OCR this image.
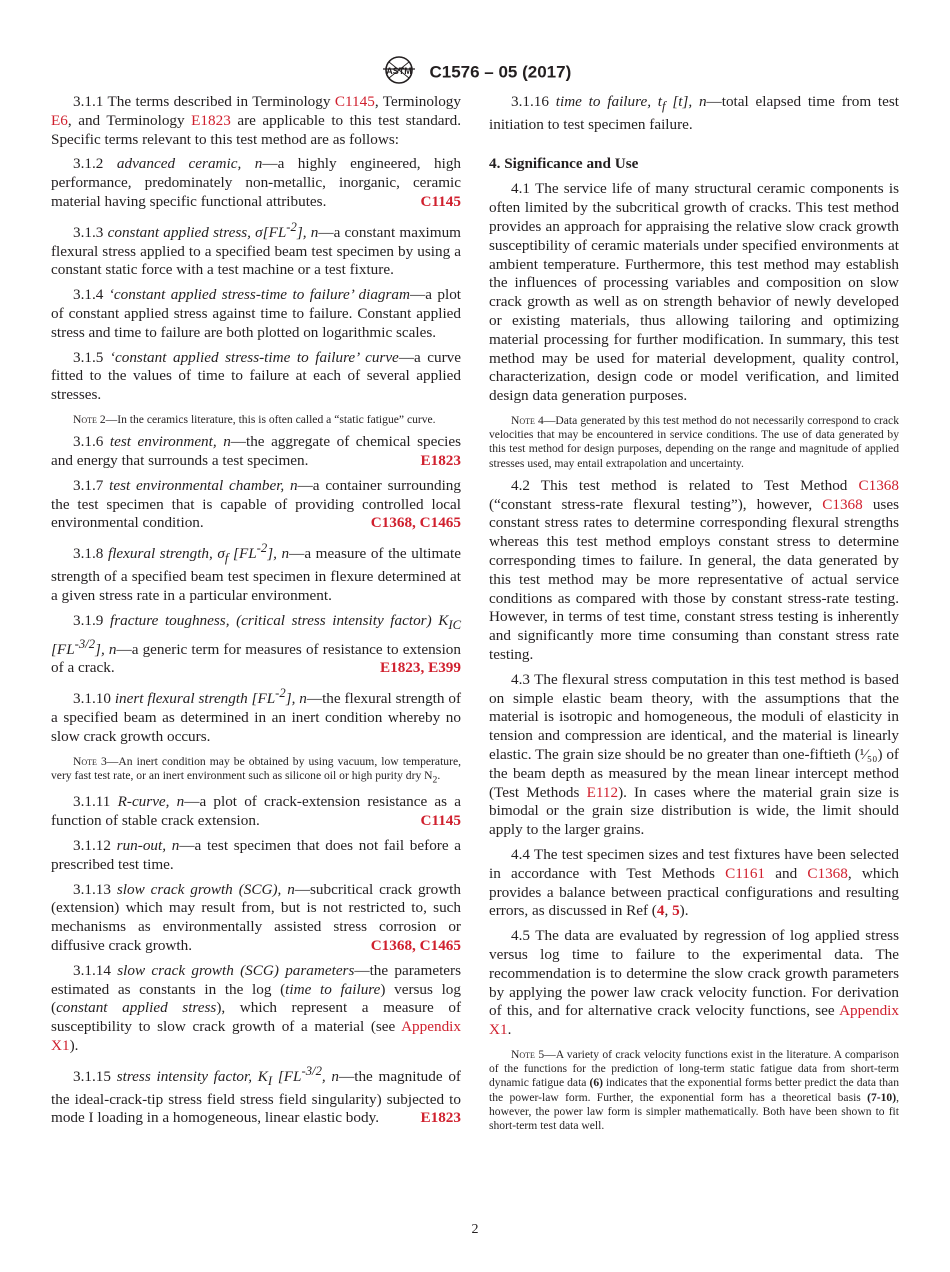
ASTM C1576 – 05 (2017)

3.1.1 The terms described in Terminology C1145, Terminology E6, and Terminology E1823 are applicable to this test standard. Specific terms relevant to this test method are as follows:

3.1.2 advanced ceramic, n—a highly engineered, high performance, predominately non-metallic, inorganic, ceramic material having specific functional attributes.	C1145

3.1.3 constant applied stress, $\sigma[FL^{-2}]$, n—a constant maximum flexural stress applied to a specified beam test specimen by using a constant static force with a test machine or a test fixture.

3.1.4 ‘constant applied stress-time to failure’ diagram—a plot of constant applied stress against time to failure. Constant applied stress and time to failure are both plotted on logarithmic scales.

3.1.5 ‘constant applied stress-time to failure’ curve—a curve fitted to the values of time to failure at each of several applied stresses.

Note 2—In the ceramics literature, this is often called a “static fatigue” curve.

3.1.6 test environment, n—the aggregate of chemical species and energy that surrounds a test specimen.	E1823

3.1.7 test environmental chamber, n—a container surrounding the test specimen that is capable of providing controlled local environmental condition.	C1368, C1465

3.1.8 flexural strength, $\sigma_f$ $[FL^{-2}]$, n—a measure of the ultimate strength of a specified beam test specimen in flexure determined at a given stress rate in a particular environment.

3.1.9 fracture toughness, (critical stress intensity factor) $K_{IC}$ $[FL^{-3/2}]$, n—a generic term for measures of resistance to extension of a crack.	E1823, E399

3.1.10 inert flexural strength $[FL^{-2}]$, n—the flexural strength of a specified beam as determined in an inert condition whereby no slow crack growth occurs.

Note 3—An inert condition may be obtained by using vacuum, low temperature, very fast test rate, or an inert environment such as silicone oil or high purity dry $N_2$.

3.1.11 R-curve, n—a plot of crack-extension resistance as a function of stable crack extension.	C1145

3.1.12 run-out, n—a test specimen that does not fail before a prescribed test time.

3.1.13 slow crack growth (SCG), n—subcritical crack growth (extension) which may result from, but is not restricted to, such mechanisms as environmentally assisted stress corrosion or diffusive crack growth.	C1368, C1465

3.1.14 slow crack growth (SCG) parameters—the parameters estimated as constants in the log (time to failure) versus log (constant applied stress), which represent a measure of susceptibility to slow crack growth of a material (see Appendix X1).

3.1.15 stress intensity factor, $K_I$ [$FL^{-3/2}$, n—the magnitude of the ideal-crack-tip stress field stress field singularity) subjected to mode I loading in a homogeneous, linear elastic body.	E1823

3.1.16 time to failure, $t_f$ [t], n—total elapsed time from test initiation to test specimen failure.

4. Significance and Use

4.1 The service life of many structural ceramic components is often limited by the subcritical growth of cracks. This test method provides an approach for appraising the relative slow crack growth susceptibility of ceramic materials under specified environments at ambient temperature. Furthermore, this test method may establish the influences of processing variables and composition on slow crack growth as well as on strength behavior of newly developed or existing materials, thus allowing tailoring and optimizing material processing for further modification. In summary, this test method may be used for material development, quality control, characterization, design code or model verification, and limited design data generation purposes.

Note 4—Data generated by this test method do not necessarily correspond to crack velocities that may be encountered in service conditions. The use of data generated by this test method for design purposes, depending on the range and magnitude of applied stresses used, may entail extrapolation and uncertainty.

4.2 This test method is related to Test Method C1368 (“constant stress-rate flexural testing”), however, C1368 uses constant stress rates to determine corresponding flexural strengths whereas this test method employs constant stress to determine corresponding times to failure. In general, the data generated by this test method may be more representative of actual service conditions as compared with those by constant stress-rate testing. However, in terms of test time, constant stress testing is inherently and significantly more time consuming than constant stress rate testing.

4.3 The flexural stress computation in this test method is based on simple elastic beam theory, with the assumptions that the material is isotropic and homogeneous, the moduli of elasticity in tension and compression are identical, and the material is linearly elastic. The grain size should be no greater than one-fiftieth (¹⁄₅₀) of the beam depth as measured by the mean linear intercept method (Test Methods E112). In cases where the material grain size is bimodal or the grain size distribution is wide, the limit should apply to the larger grains.

4.4 The test specimen sizes and test fixtures have been selected in accordance with Test Methods C1161 and C1368, which provides a balance between practical configurations and resulting errors, as discussed in Ref (4, 5).

4.5 The data are evaluated by regression of log applied stress versus log time to failure to the experimental data. The recommendation is to determine the slow crack growth parameters by applying the power law crack velocity function. For derivation of this, and for alternative crack velocity functions, see Appendix X1.

Note 5—A variety of crack velocity functions exist in the literature. A comparison of the functions for the prediction of long-term static fatigue data from short-term dynamic fatigue data (6) indicates that the exponential forms better predict the data than the power-law form. Further, the exponential form has a theoretical basis (7-10), however, the power law form is simpler mathematically. Both have been shown to fit short-term test data well.

2
